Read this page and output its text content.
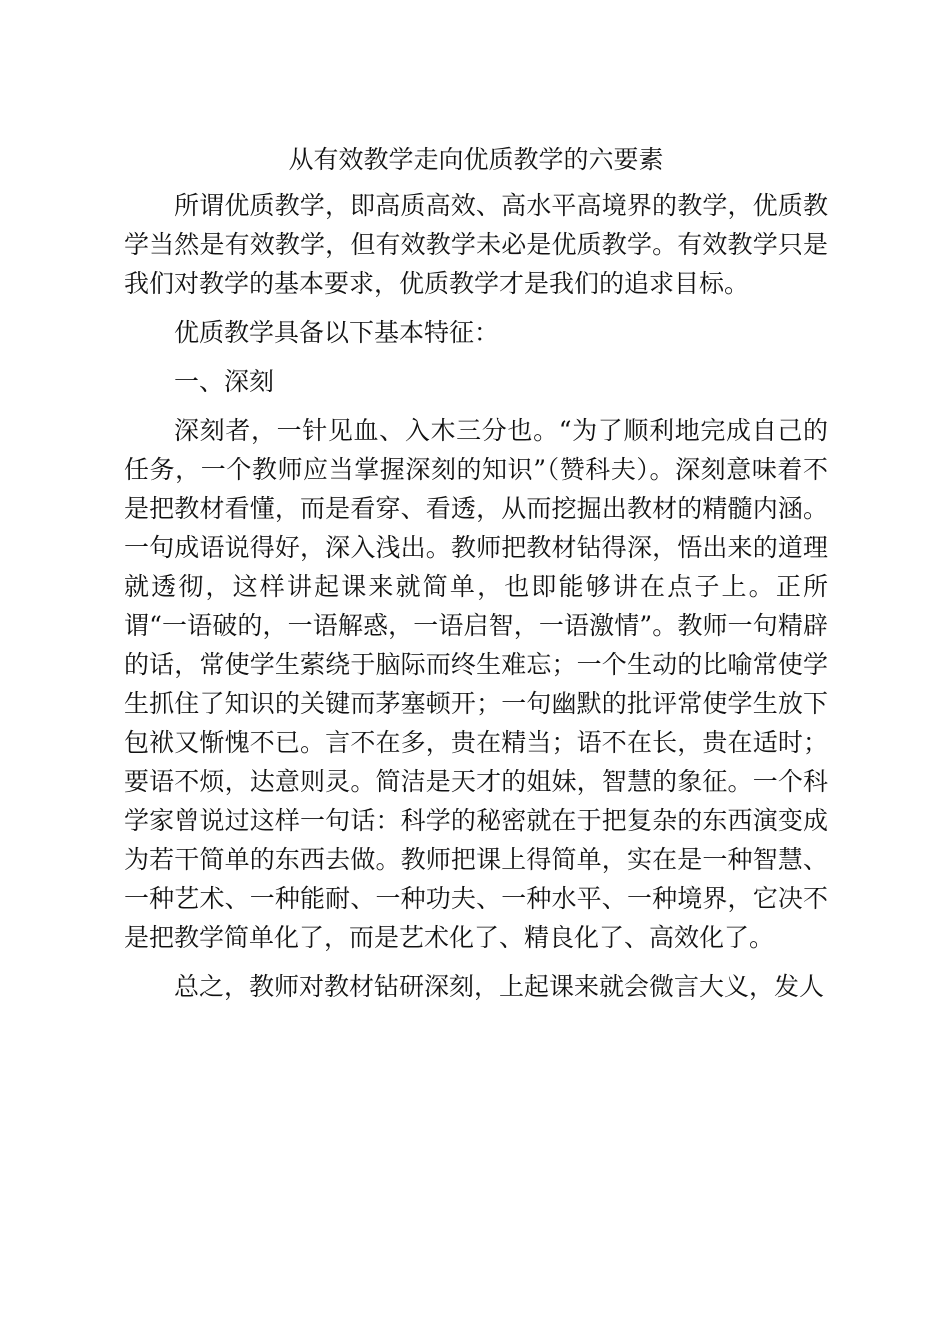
从有效教学走向优质教学的六要素

所谓优质教学，即高质高效、高水平高境界的教学，优质教学当然是有效教学，但有效教学未必是优质教学。有效教学只是我们对教学的基本要求，优质教学才是我们的追求目标。

优质教学具备以下基本特征：

一、深刻

深刻者，一针见血、入木三分也。“为了顺利地完成自己的任务，一个教师应当掌握深刻的知识”（赞科夫）。深刻意味着不是把教材看懂，而是看穿、看透，从而挖掘出教材的精髓内涵。一句成语说得好，深入浅出。教师把教材钻得深，悟出来的道理就透彻，这样讲起课来就简单，也即能够讲在点子上。正所谓“一语破的，一语解惑，一语启智，一语激情”。教师一句精辟的话，常使学生萦绕于脑际而终生难忘；一个生动的比喻常使学生抓住了知识的关键而茅塞顿开；一句幽默的批评常使学生放下包袱又惭愧不已。言不在多，贵在精当；语不在长，贵在适时；要语不烦，达意则灵。简洁是天才的姐妹，智慧的象征。一个科学家曾说过这样一句话：科学的秘密就在于把复杂的东西演变成为若干简单的东西去做。教师把课上得简单，实在是一种智慧、一种艺术、一种能耐、一种功夫、一种水平、一种境界，它决不是把教学简单化了，而是艺术化了、精良化了、高效化了。

总之，教师对教材钻研深刻，上起课来就会微言大义，发人
